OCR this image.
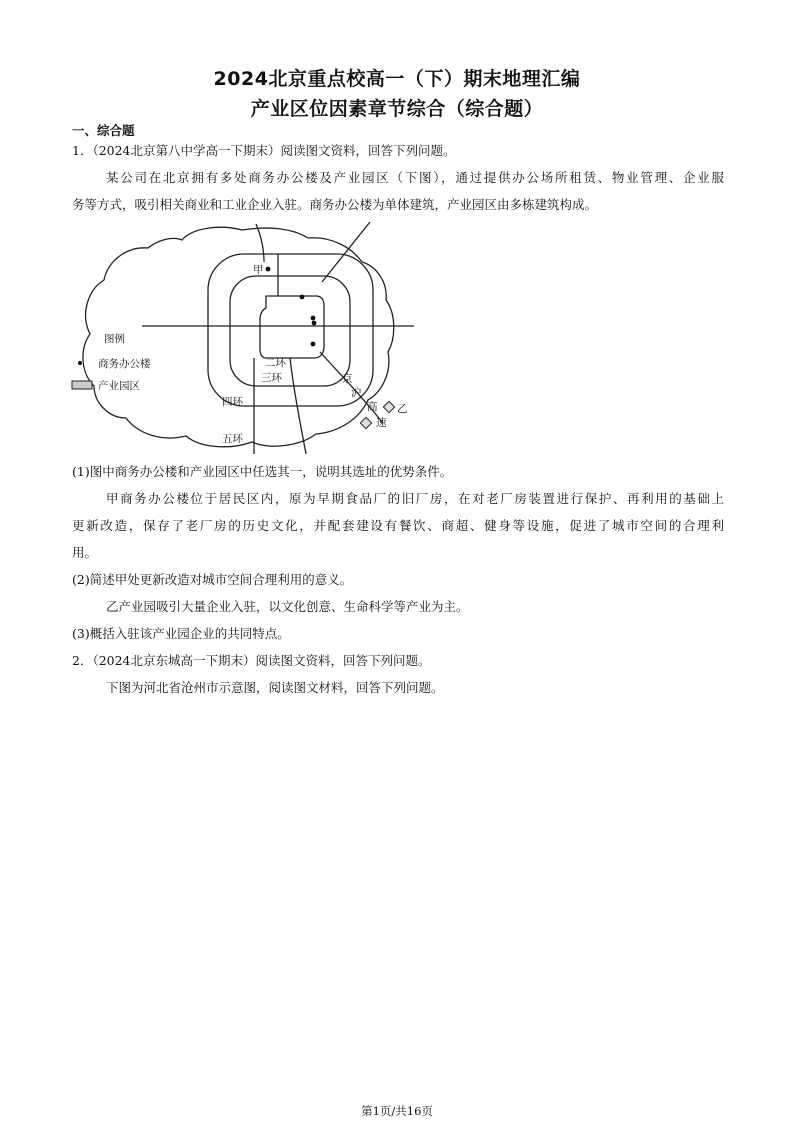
2024北京重点校高一（下）期末地理汇编
产业区位因素章节综合（综合题）
一、综合题
1．（2024北京第八中学高一下期末）阅读图文资料，回答下列问题。
某公司在北京拥有多处商务办公楼及产业园区（下图），通过提供办公场所租赁、物业管理、企业服
务等方式，吸引相关商业和工业企业入驻。商务办公楼为单体建筑，产业园区由多栋建筑构成。
甲
乙
二环
三环
四环
五环
京
沪
高
速
图例
商务办公楼
产业园区
(1)图中商务办公楼和产业园区中任选其一，说明其选址的优势条件。
甲商务办公楼位于居民区内，原为早期食品厂的旧厂房，在对老厂房装置进行保护、再利用的基础上
更新改造，保存了老厂房的历史文化，并配套建设有餐饮、商超、健身等设施，促进了城市空间的合理利
用。
(2)简述甲处更新改造对城市空间合理利用的意义。
乙产业园吸引大量企业入驻，以文化创意、生命科学等产业为主。
(3)概括入驻该产业园企业的共同特点。
2．（2024北京东城高一下期末）阅读图文资料，回答下列问题。
下图为河北省沧州市示意图，阅读图文材料，回答下列问题。
第1页/共16页
